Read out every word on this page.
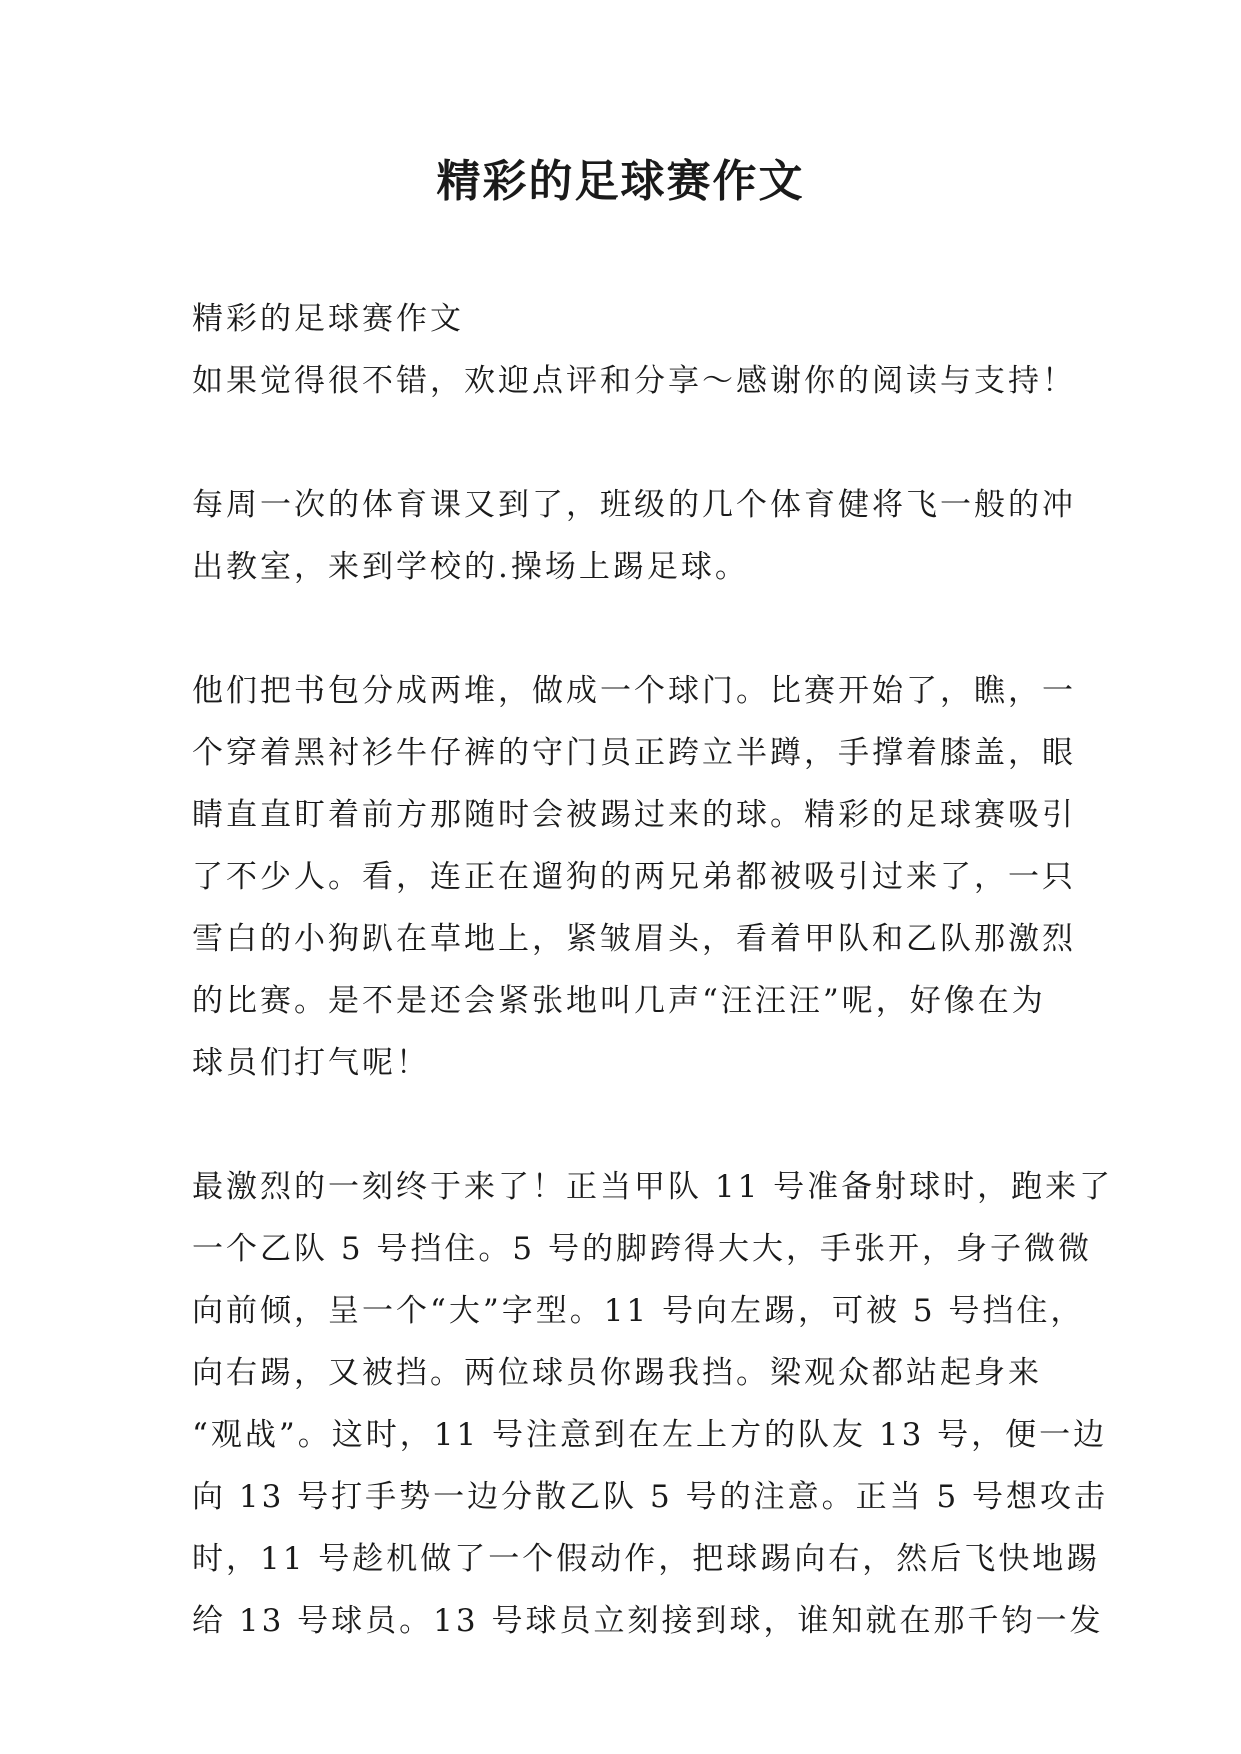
精彩的足球赛作文

精彩的足球赛作文

如果觉得很不错，欢迎点评和分享～感谢你的阅读与支持！

每周一次的体育课又到了，班级的几个体育健将飞一般的冲

出教室，来到学校的.操场上踢足球。

他们把书包分成两堆，做成一个球门。比赛开始了，瞧，一

个穿着黑衬衫牛仔裤的守门员正跨立半蹲，手撑着膝盖，眼

睛直直盯着前方那随时会被踢过来的球。精彩的足球赛吸引

了不少人。看，连正在遛狗的两兄弟都被吸引过来了，一只

雪白的小狗趴在草地上，紧皱眉头，看着甲队和乙队那激烈

的比赛。是不是还会紧张地叫几声“汪汪汪”呢，好像在为

球员们打气呢！

最激烈的一刻终于来了！正当甲队 11 号准备射球时，跑来了

一个乙队 5 号挡住。5 号的脚跨得大大，手张开，身子微微

向前倾，呈一个“大”字型。11 号向左踢，可被 5 号挡住，

向右踢，又被挡。两位球员你踢我挡。梁观众都站起身来

“观战”。这时，11 号注意到在左上方的队友 13 号，便一边

向 13 号打手势一边分散乙队 5 号的注意。正当 5 号想攻击

时，11 号趁机做了一个假动作，把球踢向右，然后飞快地踢

给 13 号球员。13 号球员立刻接到球，谁知就在那千钧一发
